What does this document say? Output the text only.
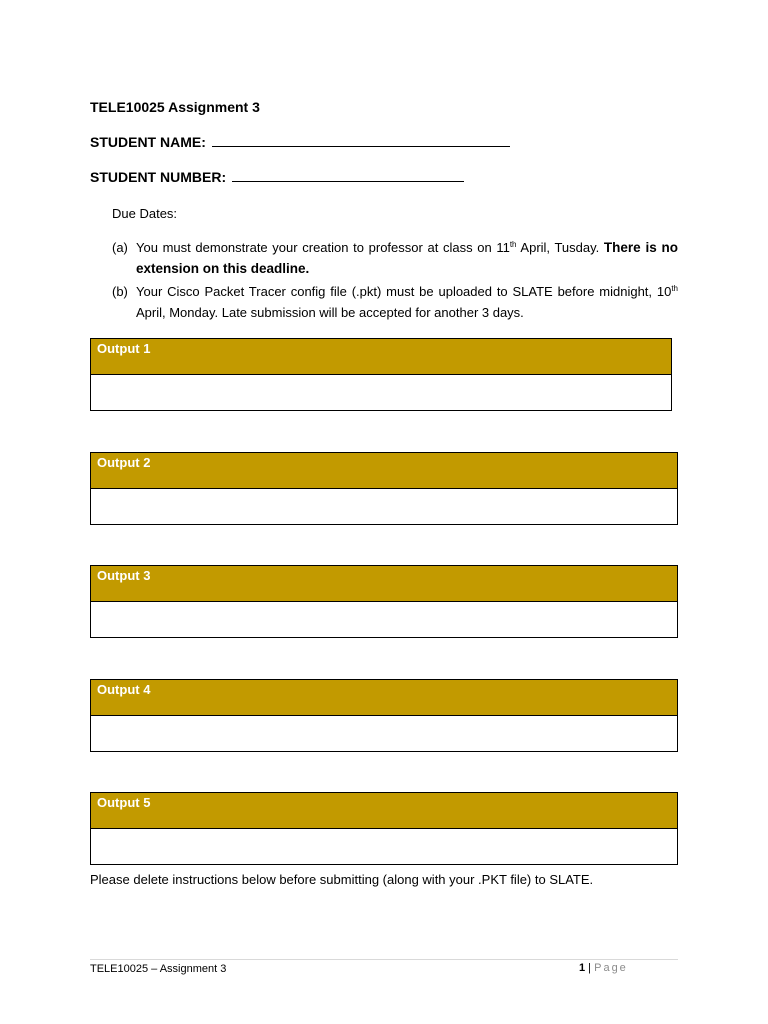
TELE10025 Assignment 3
STUDENT NAME:
STUDENT NUMBER:
Due Dates:
(a) You must demonstrate your creation to professor at class on 11th April, Tusday. There is no extension on this deadline.
(b) Your Cisco Packet Tracer config file (.pkt) must be uploaded to SLATE before midnight, 10th April, Monday. Late submission will be accepted for another 3 days.
Output 1
Output 2
Output 3
Output 4
Output 5
Please delete instructions below before submitting (along with your .PKT file) to SLATE.
TELE10025 – Assignment 3	1 | Page
